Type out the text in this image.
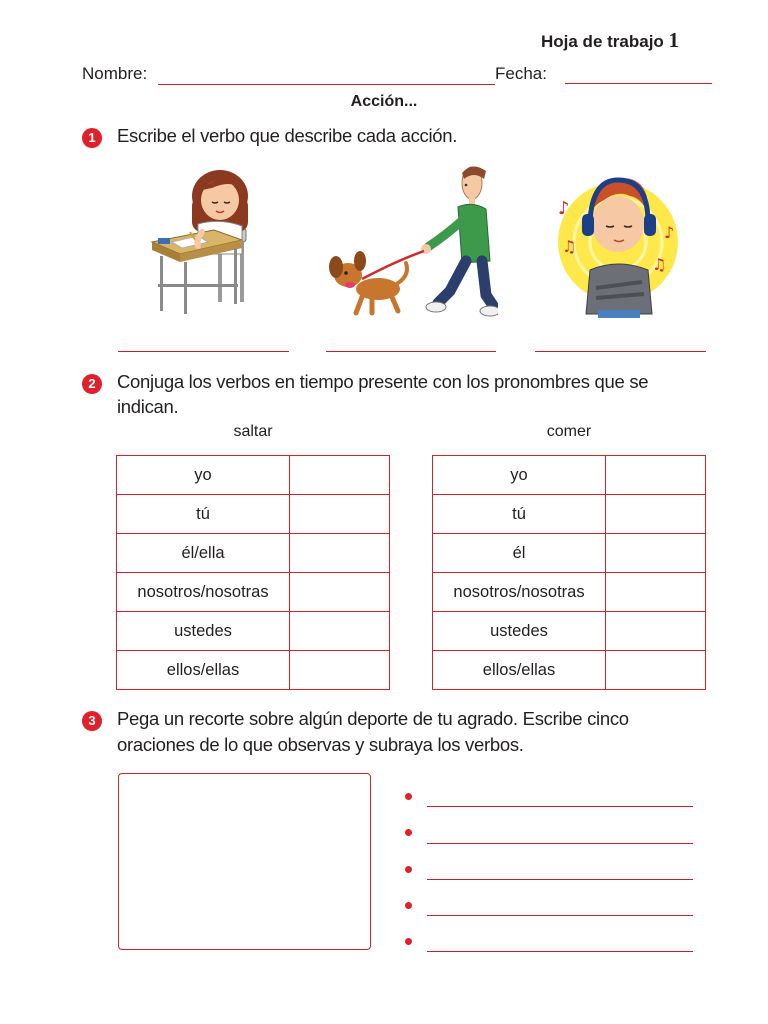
Hoja de trabajo 1
Nombre:	Fecha:
Acción...
1	Escribe el verbo que describe cada acción.
♪
♫
♪
♫
2	Conjuga los verbos en tiempo presente con los pronombres que se
indican.
saltar	comer
yo	
tú	
él/ella	
nosotros/nosotras	
ustedes	
ellos/ellas	
yo	
tú	
él	
nosotros/nosotras	
ustedes	
ellos/ellas	
3	Pega un recorte sobre algún deporte de tu agrado. Escribe cinco
oraciones de lo que observas y subraya los verbos.
